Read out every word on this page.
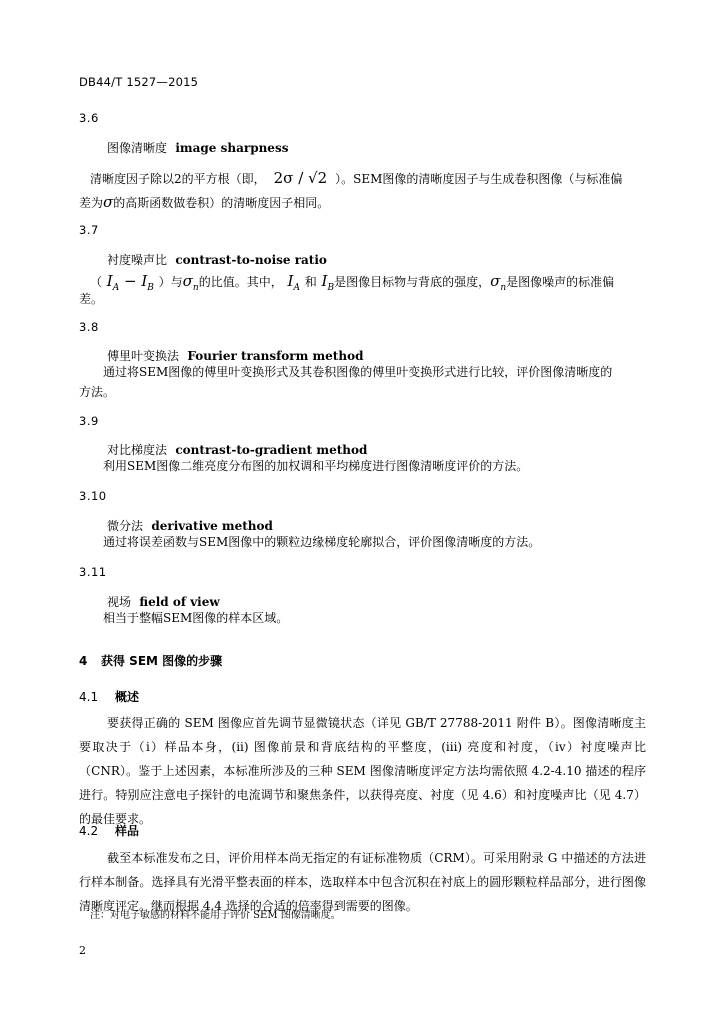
DB44/T 1527—2015
3.6
图像清晰度 image sharpness
清晰度因子除以2的平方根（即， 2σ / √2 ）。SEM图像的清晰度因子与生成卷积图像（与标准偏
差为σ的高斯函数做卷积）的清晰度因子相同。
3.7
衬度噪声比 contrast-to-noise ratio
（ $I_A - I_B$ ）与$\sigma_n$的比值。其中， $I_A$ 和 $I_B$是图像目标物与背底的强度，$\sigma_n$是图像噪声的标准偏
差。
3.8
傅里叶变换法 Fourier transform method
通过将SEM图像的傅里叶变换形式及其卷积图像的傅里叶变换形式进行比较，评价图像清晰度的
方法。
3.9
对比梯度法 contrast-to-gradient method
利用SEM图像二维亮度分布图的加权调和平均梯度进行图像清晰度评价的方法。
3.10
微分法 derivative method
通过将误差函数与SEM图像中的颗粒边缘梯度轮廓拟合，评价图像清晰度的方法。
3.11
视场 field of view
相当于整幅SEM图像的样本区域。
4 获得 SEM 图像的步骤
4.1 概述
要获得正确的 SEM 图像应首先调节显微镜状态（详见 GB/T 27788-2011 附件 B）。图像清晰度主要取决于（i）样品本身，(ii) 图像前景和背底结构的平整度，(iii) 亮度和衬度，（iv）衬度噪声比（CNR）。鉴于上述因素，本标准所涉及的三种 SEM 图像清晰度评定方法均需依照 4.2-4.10 描述的程序进行。特别应注意电子探针的电流调节和聚焦条件，以获得亮度、衬度（见 4.6）和衬度噪声比（见 4.7）的最佳要求。
4.2 样品
截至本标准发布之日，评价用样本尚无指定的有证标准物质（CRM）。可采用附录 G 中描述的方法进行样本制备。选择具有光滑平整表面的样本，选取样本中包含沉积在衬底上的圆形颗粒样品部分，进行图像清晰度评定。继而根据 4.4 选择的合适的倍率得到需要的图像。
注：对电子敏感的材料不能用于评价 SEM 图像清晰度。
2
